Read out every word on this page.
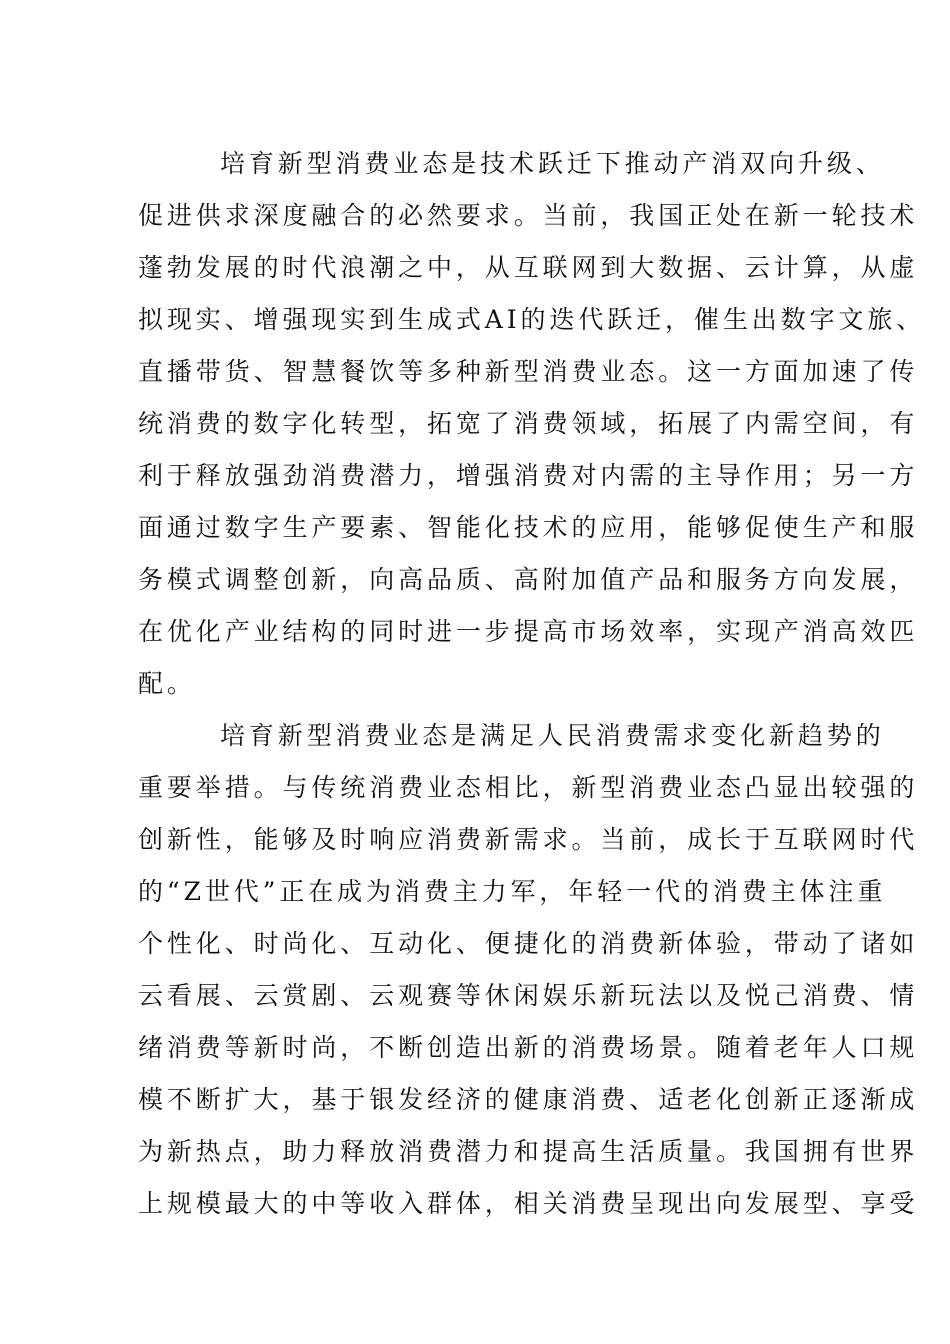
培育新型消费业态是技术跃迁下推动产消双向升级、
促进供求深度融合的必然要求。当前，我国正处在新一轮技术
蓬勃发展的时代浪潮之中，从互联网到大数据、云计算，从虚
拟现实、增强现实到生成式AI的迭代跃迁，催生出数字文旅、
直播带货、智慧餐饮等多种新型消费业态。这一方面加速了传
统消费的数字化转型，拓宽了消费领域，拓展了内需空间，有
利于释放强劲消费潜力，增强消费对内需的主导作用；另一方
面通过数字生产要素、智能化技术的应用，能够促使生产和服
务模式调整创新，向高品质、高附加值产品和服务方向发展，
在优化产业结构的同时进一步提高市场效率，实现产消高效匹
配。
培育新型消费业态是满足人民消费需求变化新趋势的
重要举措。与传统消费业态相比，新型消费业态凸显出较强的
创新性，能够及时响应消费新需求。当前，成长于互联网时代
的“Z世代”正在成为消费主力军，年轻一代的消费主体注重
个性化、时尚化、互动化、便捷化的消费新体验，带动了诸如
云看展、云赏剧、云观赛等休闲娱乐新玩法以及悦己消费、情
绪消费等新时尚，不断创造出新的消费场景。随着老年人口规
模不断扩大，基于银发经济的健康消费、适老化创新正逐渐成
为新热点，助力释放消费潜力和提高生活质量。我国拥有世界
上规模最大的中等收入群体，相关消费呈现出向发展型、享受
